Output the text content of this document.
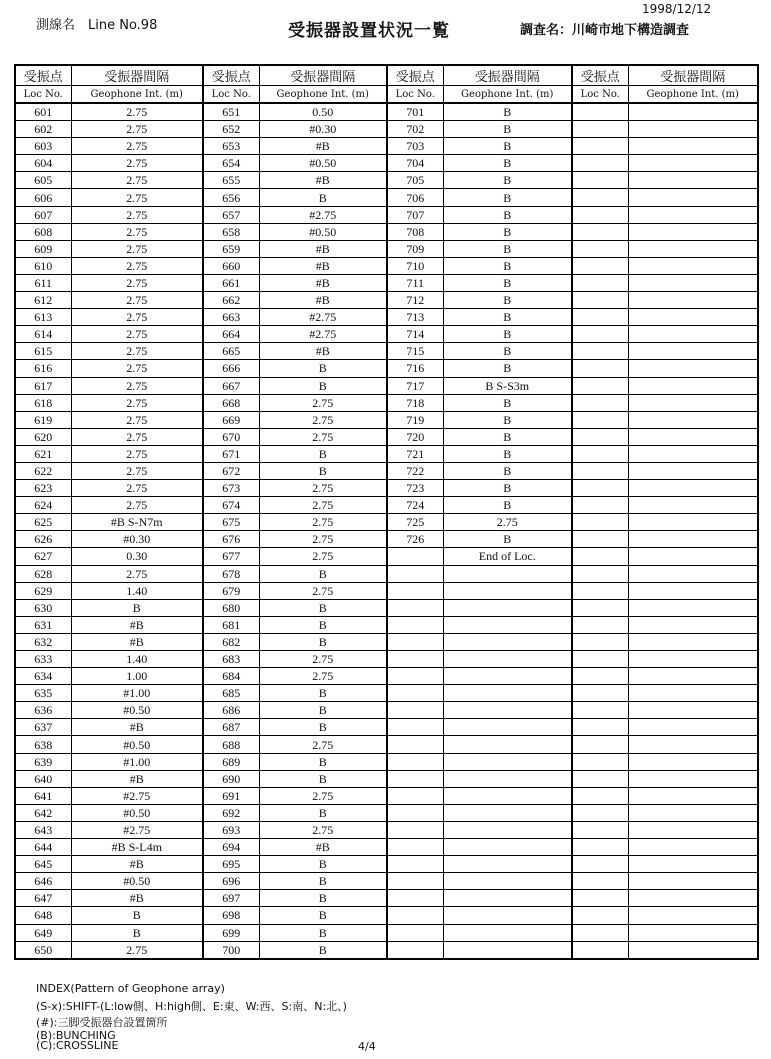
測線名　Line No.98	受振器設置状況一覧
1998/12/12
調査名：川崎市地下構造調査
受振点	受振器間隔	受振点	受振器間隔	受振点	受振器間隔	受振点	受振器間隔
Loc No.	Geophone Int. (m)	Loc No.	Geophone Int. (m)	Loc No.	Geophone Int. (m)	Loc No.	Geophone Int. (m)
601	2.75	651	0.50	701	B		
602	2.75	652	#0.30	702	B		
603	2.75	653	#B	703	B		
604	2.75	654	#0.50	704	B		
605	2.75	655	#B	705	B		
606	2.75	656	B	706	B		
607	2.75	657	#2.75	707	B		
608	2.75	658	#0.50	708	B		
609	2.75	659	#B	709	B		
610	2.75	660	#B	710	B		
611	2.75	661	#B	711	B		
612	2.75	662	#B	712	B		
613	2.75	663	#2.75	713	B		
614	2.75	664	#2.75	714	B		
615	2.75	665	#B	715	B		
616	2.75	666	B	716	B		
617	2.75	667	B	717	B S-S3m		
618	2.75	668	2.75	718	B		
619	2.75	669	2.75	719	B		
620	2.75	670	2.75	720	B		
621	2.75	671	B	721	B		
622	2.75	672	B	722	B		
623	2.75	673	2.75	723	B		
624	2.75	674	2.75	724	B		
625	#B S-N7m	675	2.75	725	2.75		
626	#0.30	676	2.75	726	B		
627	0.30	677	2.75		End of Loc.		
628	2.75	678	B				
629	1.40	679	2.75				
630	B	680	B				
631	#B	681	B				
632	#B	682	B				
633	1.40	683	2.75				
634	1.00	684	2.75				
635	#1.00	685	B				
636	#0.50	686	B				
637	#B	687	B				
638	#0.50	688	2.75				
639	#1.00	689	B				
640	#B	690	B				
641	#2.75	691	2.75				
642	#0.50	692	B				
643	#2.75	693	2.75				
644	#B S-L4m	694	#B				
645	#B	695	B				
646	#0.50	696	B				
647	#B	697	B				
648	B	698	B				
649	B	699	B				
650	2.75	700	B				
INDEX(Pattern of Geophone array)
(S-x):SHIFT-(L:low側、H:high側、E:東、W:西、S:南、N:北、)
(#):三脚受振器台設置箇所
(B):BUNCHING
(C):CROSSLINE	4/4
